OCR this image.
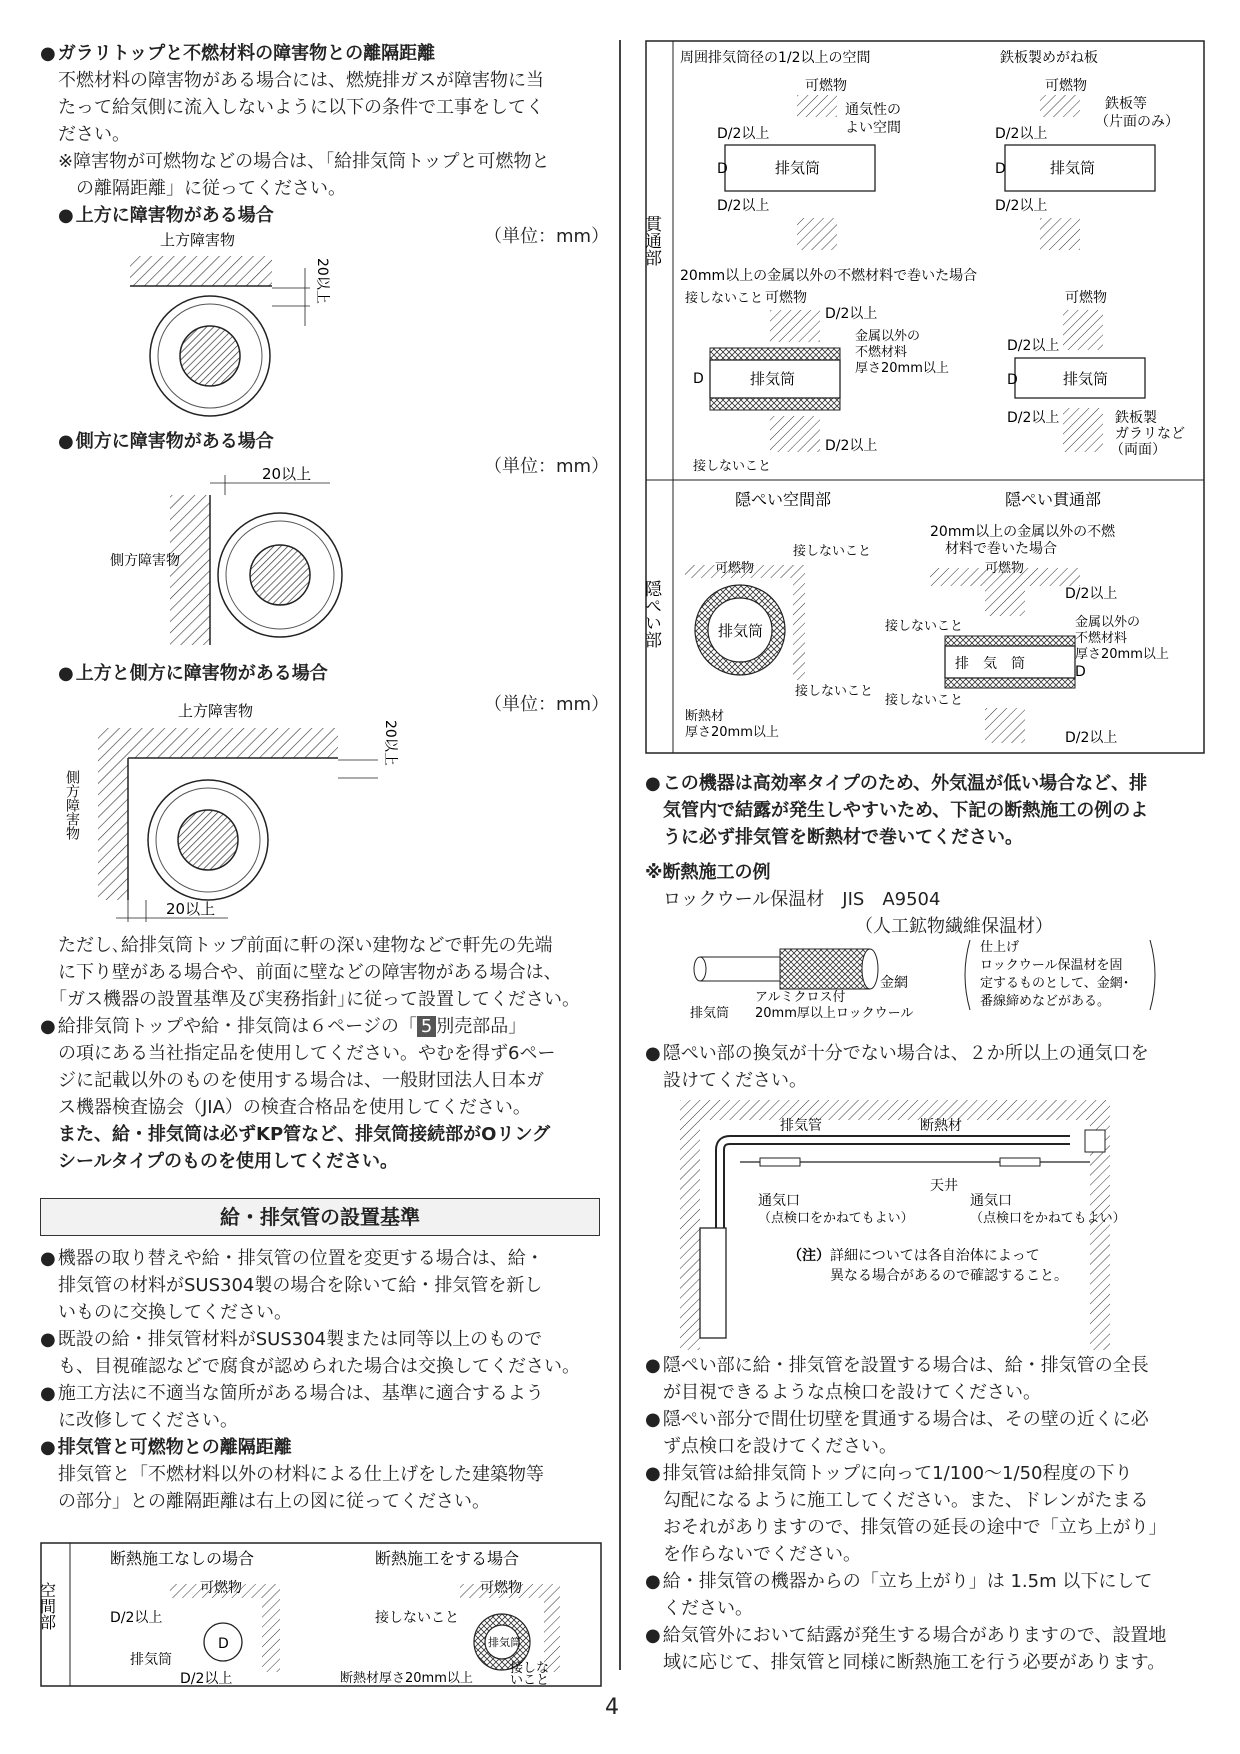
● ガラリトップと不燃材料の障害物との離隔距離

不燃材料の障害物がある場合には、燃焼排ガスが障害物に当

たって給気側に流入しないように以下の条件で工事をしてく

ださい。

※障害物が可燃物などの場合は、「給排気筒トップと可燃物と

の離隔距離」に従ってください。

● 上方に障害物がある場合

（単位：mm）
（単位：mm）
（単位：mm）
上方障害物
20以上

● 側方に障害物がある場合

20以上
側方障害物

● 上方と側方に障害物がある場合

上方障害物
側方障害物
20以上
20以上

ただし､給排気筒トップ前面に軒の深い建物などで軒先の先端

に下り壁がある場合や、前面に壁などの障害物がある場合は、

｢ガス機器の設置基準及び実務指針｣に従って設置してください。

● 給排気筒トップや給・排気筒は６ページの「 5 別売部品」

の項にある当社指定品を使用してください。やむを得ず6ペー

ジに記載以外のものを使用する場合は、一般財団法人日本ガ

ス機器検査協会（JIA）の検査合格品を使用してください。

また、給・排気筒は必ずKP管など、排気筒接続部がOリング

シールタイプのものを使用してください。

給・排気管の設置基準

● 機器の取り替えや給・排気管の位置を変更する場合は、給・

排気管の材料がSUS304製の場合を除いて給・排気管を新し

いものに交換してください。

● 既設の給・排気管材料がSUS304製または同等以上のもので

も、目視確認などで腐食が認められた場合は交換してください。

● 施工方法に不適当な箇所がある場合は、基準に適合するよう

に改修してください。

● 排気管と可燃物との離隔距離

排気管と「不燃材料以外の材料による仕上げをした建築物等

の部分」との離隔距離は右上の図に従ってください。

空間部
断熱施工なしの場合	断熱施工をする場合
可燃物
D/2以上
D
排気筒
D/2以上
可燃物
接しないこと
排気筒
断熱材厚さ20mm以上
接しな
いこと
貫通部
隠ぺい部
周囲排気筒径の1/2以上の空間
可燃物
通気性の
よい空間
D/2以上
D	排気筒
D/2以上
鉄板製めがね板
可燃物
鉄板等
（片面のみ）
D/2以上
D	排気筒
D/2以上
20mm以上の金属以外の不燃材料で巻いた場合
接しないこと 可燃物
D/2以上
金属以外の
不燃材料
厚さ20mm以上
D	排気筒
D/2以上
接しないこと
可燃物
D/2以上
D	排気筒
D/2以上	鉄板製
ガラリなど
（両面）
隠ぺい空間部	隠ぺい貫通部
可燃物
接しないこと
排気筒
接しないこと
断熱材
厚さ20mm以上
20mm以上の金属以外の不燃
材料で巻いた場合
可燃物
D/2以上
接しないこと
排　気　筒
金属以外の
不燃材料
厚さ20mm以上
D
接しないこと
D/2以上

● この機器は高効率タイプのため、外気温が低い場合など、排

気管内で結露が発生しやすいため、下記の断熱施工の例のよ

うに必ず排気管を断熱材で巻いてください。

※断熱施工の例

ロックウール保温材　JIS　A9504

（人工鉱物繊維保温材）

金網
排気筒
アルミクロス付
20mm厚以上ロックウール
仕上げ
ロックウール保温材を固
定するものとして、金網･
番線締めなどがある。

● 隠ぺい部の換気が十分でない場合は、２か所以上の通気口を

設けてください。

排気管	断熱材
天井
通気口
（点検口をかねてもよい）
通気口
（点検口をかねてもよい）
（注） 詳細については各自治体によって
異なる場合があるので確認すること。

● 隠ぺい部に給・排気管を設置する場合は、給・排気管の全長

が目視できるような点検口を設けてください。

● 隠ぺい部分で間仕切壁を貫通する場合は、その壁の近くに必

ず点検口を設けてください。

● 排気管は給排気筒トップに向って1/100～1/50程度の下り

勾配になるように施工してください。また、ドレンがたまる

おそれがありますので、排気管の延長の途中で「立ち上がり」

を作らないでください。

● 給・排気管の機器からの「立ち上がり」は 1.5m 以下にして

ください。

● 給気管外において結露が発生する場合がありますので、設置地

域に応じて、排気管と同様に断熱施工を行う必要があります。

4
